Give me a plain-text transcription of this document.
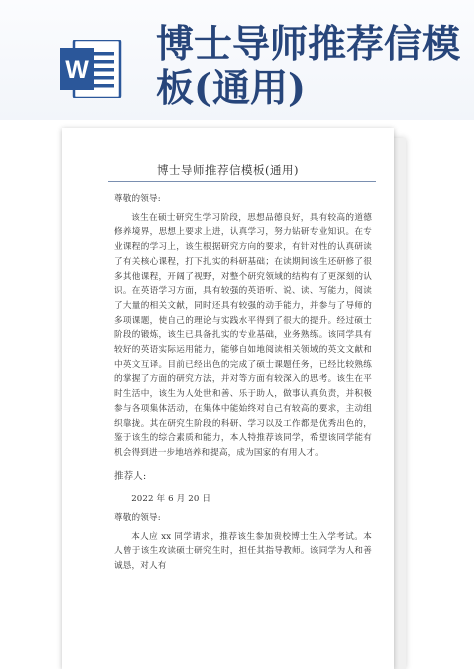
W
博士导师推荐信模
板(通用)
博士导师推荐信模板(通用)

尊敬的领导:

该生在硕士研究生学习阶段，思想品德良好，具有较高的道德修养境界，思想上要求上进，认真学习，努力钻研专业知识。在专业课程的学习上，该生根据研究方向的要求，有针对性的认真研读了有关核心课程，打下扎实的科研基础；在读期间该生还研修了很多其他课程，开阔了视野，对整个研究领域的结构有了更深刻的认识。在英语学习方面，具有较强的英语听、说、读、写能力，阅读了大量的相关文献，同时还具有较强的动手能力，并参与了导师的多项课题，使自己的理论与实践水平得到了很大的提升。经过硕士阶段的锻炼，该生已具备扎实的专业基础，业务熟练。该同学具有较好的英语实际运用能力，能够自如地阅读相关领域的英文文献和中英文互译。目前已经出色的完成了硕士课题任务，已经比较熟练的掌握了方面的研究方法，并对等方面有较深入的思考。该生在平时生活中，该生为人处世和善、乐于助人，做事认真负责，并积极参与各项集体活动，在集体中能始终对自己有较高的要求，主动组织靠拢。其在研究生阶段的科研、学习以及工作都是优秀出色的，鉴于该生的综合素质和能力，本人特推荐该同学，希望该同学能有机会得到进一步地培养和提高，成为国家的有用人才。

推荐人:

2022 年 6 月 20 日

尊敬的领导:

本人应 xx 同学请求，推荐该生参加贵校博士生入学考试。本人曾于该生攻读硕士研究生时，担任其指导教师。该同学为人和善诚恳，对人有
